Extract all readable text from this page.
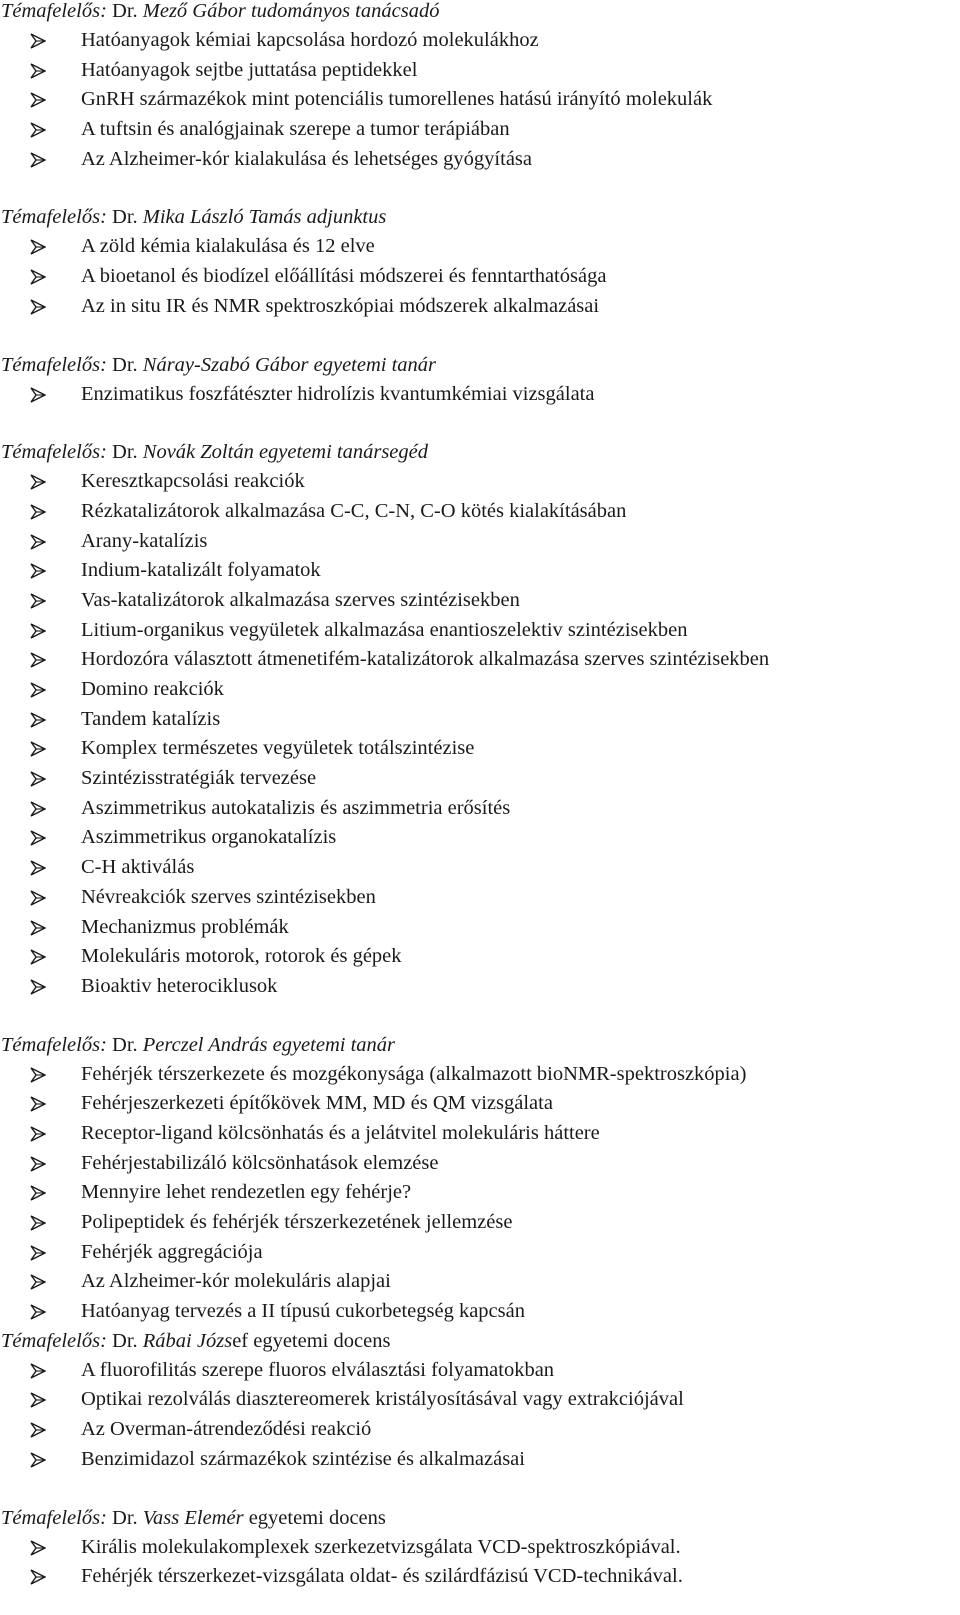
Témafelelős: Dr. Mező Gábor tudományos tanácsadó
Hatóanyagok kémiai kapcsolása hordozó molekulákhoz
Hatóanyagok sejtbe juttatása peptidekkel
GnRH származékok mint potenciális tumorellenes hatású irányító molekulák
A tuftsin és analógjainak szerepe a tumor terápiában
Az Alzheimer-kór kialakulása és lehetséges gyógyítása
Témafelelős: Dr. Mika László Tamás adjunktus
A zöld kémia kialakulása és 12 elve
A bioetanol és biodízel előállítási módszerei és fenntarthatósága
Az in situ IR és NMR spektroszkópiai módszerek alkalmazásai
Témafelelős: Dr. Náray-Szabó Gábor egyetemi tanár
Enzimatikus foszfátészter hidrolízis kvantumkémiai vizsgálata
Témafelelős: Dr. Novák Zoltán egyetemi tanársegéd
Keresztkapcsolási reakciók
Rézkatalizátorok alkalmazása C-C, C-N, C-O kötés kialakításában
Arany-katalízis
Indium-katalizált folyamatok
Vas-katalizátorok alkalmazása szerves szintézisekben
Litium-organikus vegyületek alkalmazása enantioszelektiv szintézisekben
Hordozóra választott átmenetifém-katalizátorok alkalmazása szerves szintézisekben
Domino reakciók
Tandem katalízis
Komplex természetes vegyületek totálszintézise
Szintézisstratégiák tervezése
Aszimmetrikus autokatalizis és aszimmetria erősítés
Aszimmetrikus organokatalízis
C-H aktiválás
Névreakciók szerves szintézisekben
Mechanizmus problémák
Molekuláris motorok, rotorok és gépek
Bioaktiv heterociklusok
Témafelelős: Dr. Perczel András egyetemi tanár
Fehérjék térszerkezete és mozgékonysága (alkalmazott bioNMR-spektroszkópia)
Fehérjeszerkezeti építőkövek MM, MD és QM vizsgálata
Receptor-ligand kölcsönhatás és a jelátvitel molekuláris háttere
Fehérjestabilizáló kölcsönhatások elemzése
Mennyire lehet rendezetlen egy fehérje?
Polipeptidek és fehérjék térszerkezetének jellemzése
Fehérjék aggregációja
Az Alzheimer-kór molekuláris alapjai
Hatóanyag tervezés a II típusú cukorbetegség kapcsán
Témafelelős: Dr. Rábai József egyetemi docens
A fluorofilitás szerepe fluoros elválasztási folyamatokban
Optikai rezolválás diasztereomerek kristályosításával vagy extrakciójával
Az Overman-átrendeződési reakció
Benzimidazol származékok szintézise és alkalmazásai
Témafelelős: Dr. Vass Elemér egyetemi docens
Királis molekulakomplexek szerkezetvizsgálata VCD-spektroszkópiával.
Fehérjék térszerkezet-vizsgálata oldat- és szilárdfázisú VCD-technikával.
